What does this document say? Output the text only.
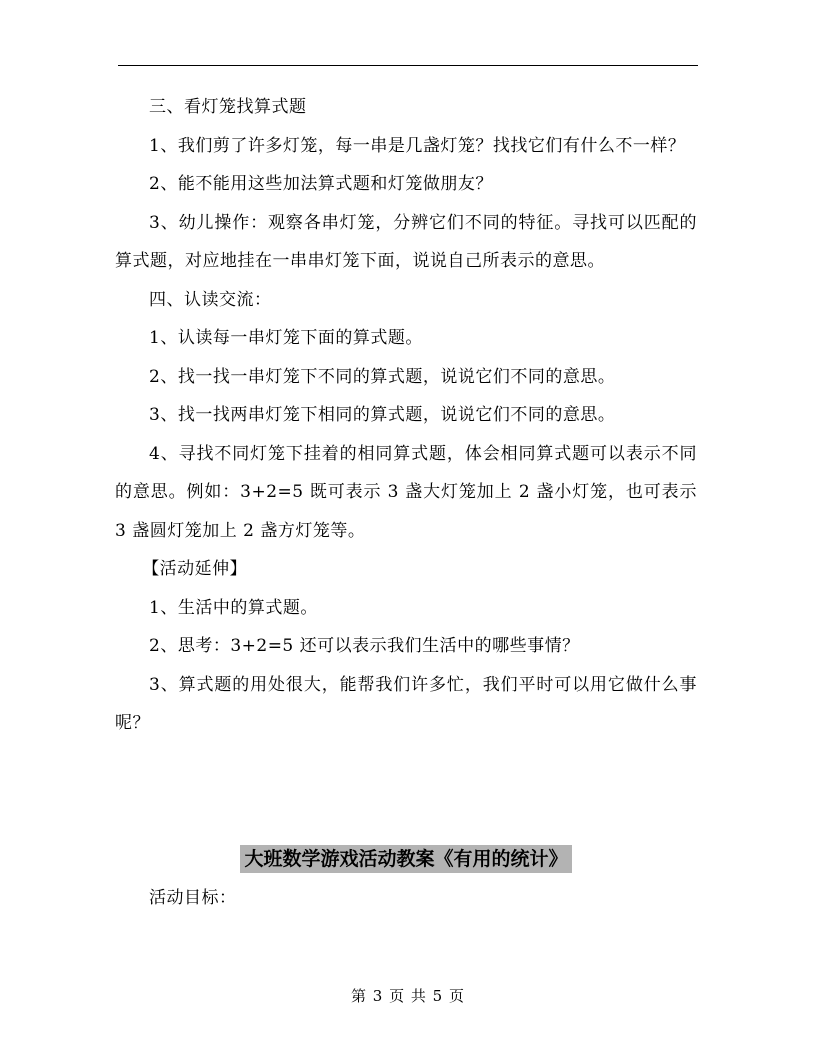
三、看灯笼找算式题

1、我们剪了许多灯笼，每一串是几盏灯笼？找找它们有什么不一样？

2、能不能用这些加法算式题和灯笼做朋友？

3、幼儿操作：观察各串灯笼，分辨它们不同的特征。寻找可以匹配的算式题，对应地挂在一串串灯笼下面，说说自己所表示的意思。

四、认读交流：

1、认读每一串灯笼下面的算式题。

2、找一找一串灯笼下不同的算式题，说说它们不同的意思。

3、找一找两串灯笼下相同的算式题，说说它们不同的意思。

4、寻找不同灯笼下挂着的相同算式题，体会相同算式题可以表示不同的意思。例如：3+2=5 既可表示 3 盏大灯笼加上 2 盏小灯笼，也可表示 3 盏圆灯笼加上 2 盏方灯笼等。

【活动延伸】

1、生活中的算式题。

2、思考：3+2=5 还可以表示我们生活中的哪些事情？

3、算式题的用处很大，能帮我们许多忙，我们平时可以用它做什么事呢？

大班数学游戏活动教案《有用的统计》

活动目标：

第 3 页 共 5 页
